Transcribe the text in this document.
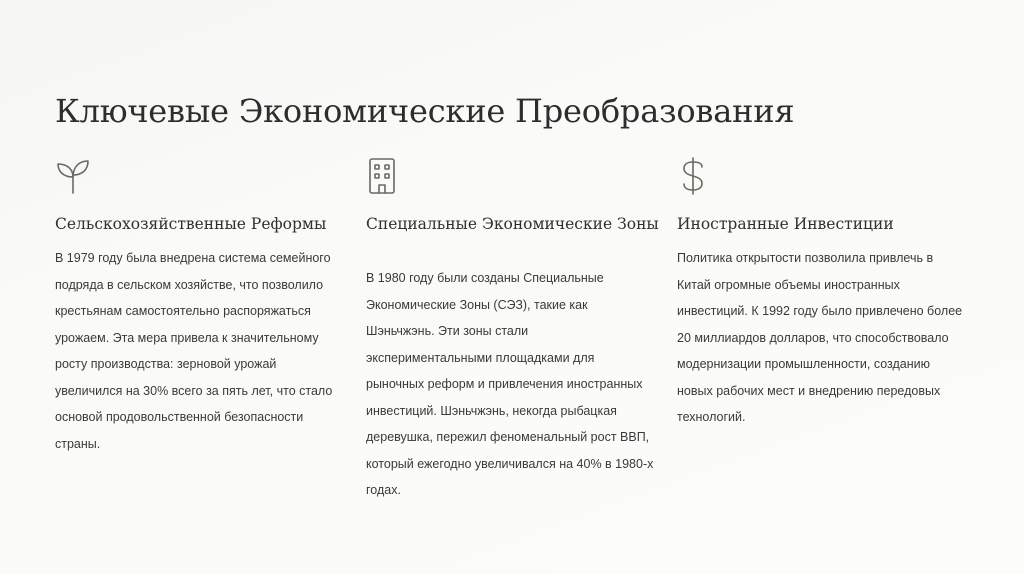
Ключевые Экономические Преобразования
Сельскохозяйственные Реформы

В 1979 году была внедрена система семейного подряда в сельском хозяйстве, что позволило крестьянам самостоятельно распоряжаться урожаем. Эта мера привела к значительному росту производства: зерновой урожай увеличился на 30% всего за пять лет, что стало основой продовольственной безопасности страны.

Специальные Экономические Зоны

В 1980 году были созданы Специальные Экономические Зоны (СЭЗ), такие как Шэньчжэнь. Эти зоны стали экспериментальными площадками для рыночных реформ и привлечения иностранных инвестиций. Шэньчжэнь, некогда рыбацкая деревушка, пережил феноменальный рост ВВП, который ежегодно увеличивался на 40% в 1980-х годах.

Иностранные Инвестиции

Политика открытости позволила привлечь в Китай огромные объемы иностранных инвестиций. К 1992 году было привлечено более 20 миллиардов долларов, что способствовало модернизации промышленности, созданию новых рабочих мест и внедрению передовых технологий.
